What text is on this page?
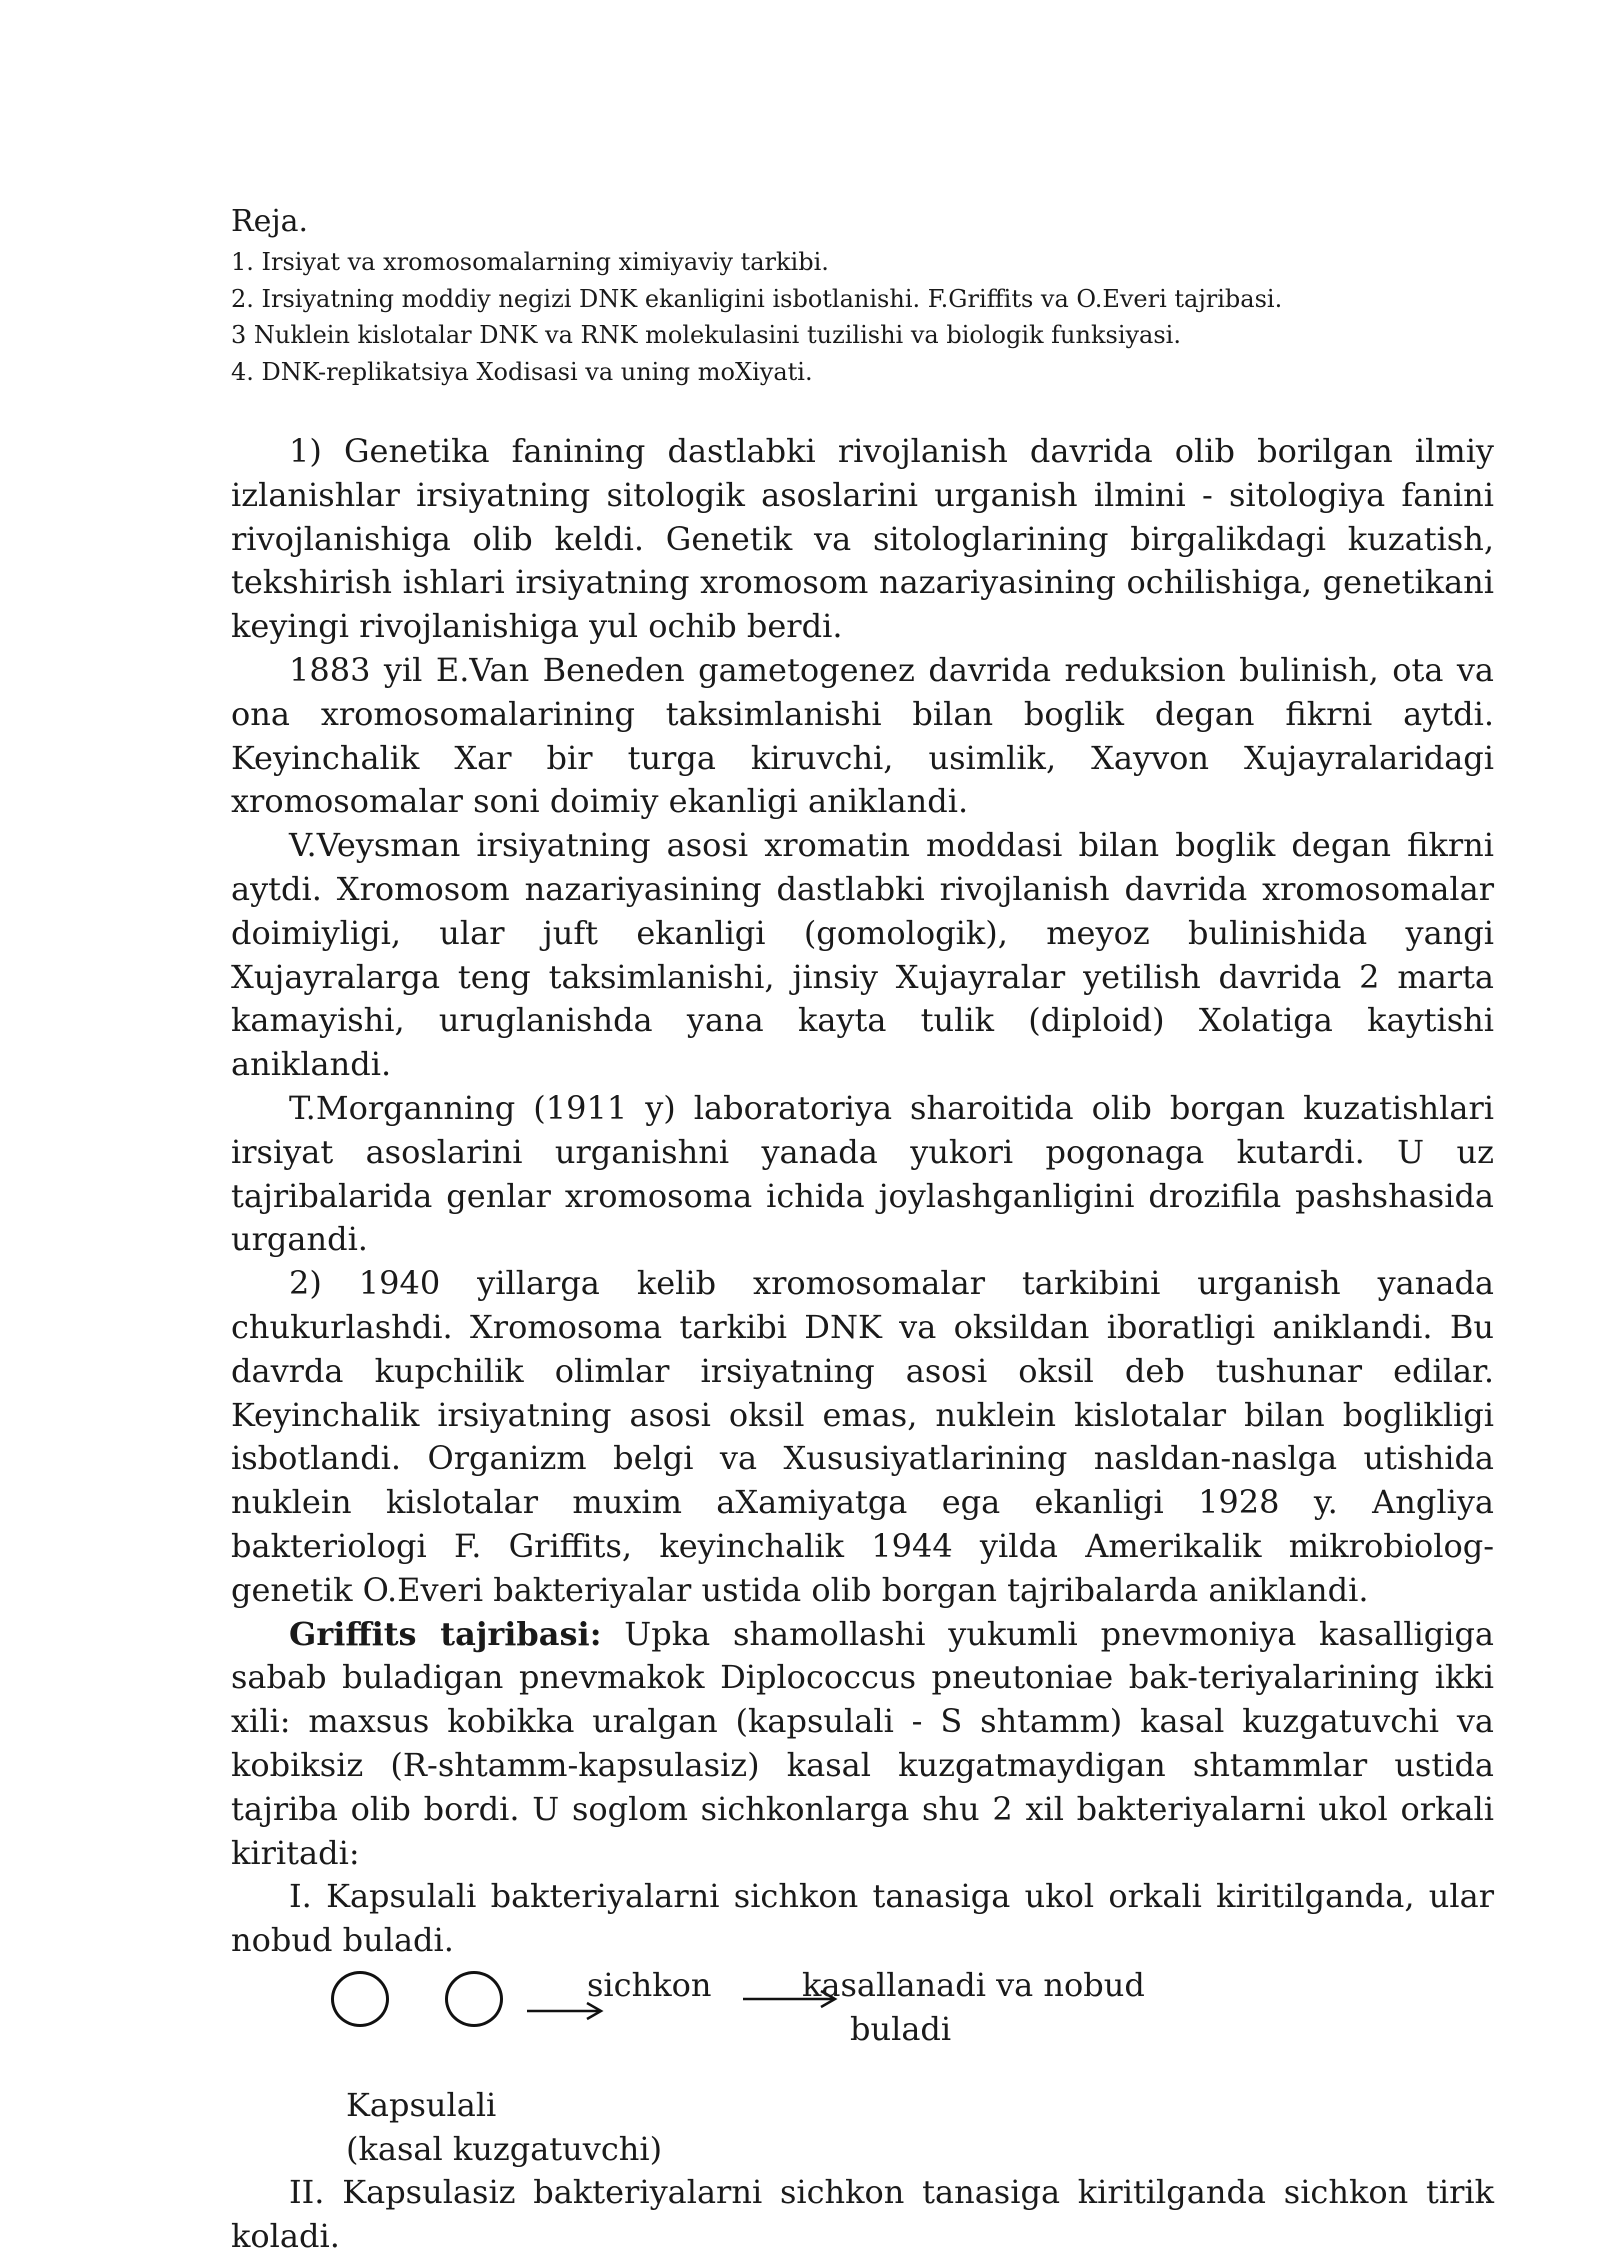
Reja.
1. Irsiyat va xromosomalarning ximiyaviy tarkibi.
2. Irsiyatning moddiy negizi DNK ekanligini isbotlanishi. F.Griffits va O.Everi tajribasi.
3 Nuklein kislotalar DNK va RNK molekulasini tuzilishi va biologik funksiyasi.
4. DNK-replikatsiya Xodisasi va uning moXiyati.

1) Genetika fanining dastlabki rivojlanish davrida olib borilgan ilmiy izlanishlar irsiyatning sitologik asoslarini urganish ilmini - sitologiya fanini rivojlanishiga olib keldi. Genetik va sitologlarining birgalikdagi kuzatish, tekshirish ishlari irsiyatning xromosom nazariyasining ochilishiga, genetikani keyingi rivojlanishiga yul ochib berdi.

1883 yil E.Van Beneden gametogenez davrida reduksion bulinish, ota va ona xromosomalarining taksimlanishi bilan boglik degan fikrni aytdi. Keyinchalik Xar bir turga kiruvchi, usimlik, Xayvon Xujayralaridagi xromosomalar soni doimiy ekanligi aniklandi.

V.Veysman irsiyatning asosi xromatin moddasi bilan boglik degan fikrni aytdi. Xromosom nazariyasining dastlabki rivojlanish davrida xromosomalar doimiyligi, ular juft ekanligi (gomologik), meyoz bulinishida yangi Xujayralarga teng taksimlanishi, jinsiy Xujayralar yetilish davrida 2 marta kamayishi, uruglanishda yana kayta tulik (diploid) Xolatiga kaytishi aniklandi.

T.Morganning (1911 y) laboratoriya sharoitida olib borgan kuzatishlari irsiyat asoslarini urganishni yanada yukori pogonaga kutardi. U uz tajribalarida genlar xromosoma ichida joylashganligini drozifila pashshasida urgandi.

2) 1940 yillarga kelib xromosomalar tarkibini urganish yanada chukurlashdi. Xromosoma tarkibi DNK va oksildan iboratligi aniklandi. Bu davrda kupchilik olimlar irsiyatning asosi oksil deb tushunar edilar. Keyinchalik irsiyatning asosi oksil emas, nuklein kislotalar bilan boglikligi isbotlandi. Organizm belgi va Xususiyatlarining nasldan-naslga utishida nuklein kislotalar muxim aXamiyatga ega ekanligi 1928 y. Angliya bakteriologi F. Griffits, keyinchalik 1944 yilda Amerikalik mikrobiolog-genetik O.Everi bakteriyalar ustida olib borgan tajribalarda aniklandi.

Griffits tajribasi: Upka shamollashi yukumli pnevmoniya kasalligiga sabab buladigan pnevmakok Diplococcus pneutoniae bak-teriyalarining ikki xili: maxsus kobikka uralgan (kapsulali - S shtamm) kasal kuzgatuvchi va kobiksiz (R-shtamm-kapsulasiz) kasal kuzgatmaydigan shtammlar ustida tajriba olib bordi. U soglom sichkonlarga shu 2 xil bakteriyalarni ukol orkali kiritadi:

I. Kapsulali bakteriyalarni sichkon tanasiga ukol orkali kiritilganda, ular nobud buladi.

sichkon	kasallanadi va nobud
buladi
Kapsulali
(kasal kuzgatuvchi)

II. Kapsulasiz bakteriyalarni sichkon tanasiga kiritilganda sichkon tirik koladi.
